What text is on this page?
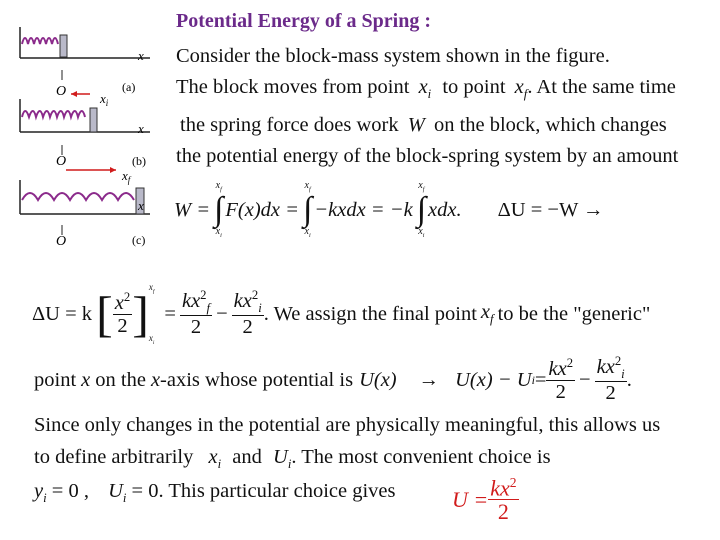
Potential Energy of a Spring :
x
O	(a)
$x_i$
x
O	(b)
$x_f$
x
O	(c)
Consider the block-mass system shown in the figure.
The block moves from point $x_i$ to point $x_f$. At the same time
the spring force does work W on the block, which changes
the potential energy of the block-spring system by an amount
W =
$x_f$
∫
$x_i$
F(x)dx =
$x_f$
∫
$x_i$
−kxdx = −k
$x_f$
∫
$x_i$
xdx. ΔU = −W →
ΔU = k [ $\frac{x^2}{2}$ ] $x_f$
$x_i$
= $\frac{kx^2_f}{2} - \frac{kx^2_i}{2}$ . We assign the final point $x_f$ to be the "generic"
point x on the x -axis whose potential is U(x) → U(x) − U $i = \frac{kx^2}{2} - \frac{kx^2_i}{2}$ .
Since only changes in the potential are physically meaningful, this allows us
to define arbitrarily $x_i$ and $U_i$. The most convenient choice is
$y_i = 0$ , $U_i = 0$. This particular choice gives	$U = \frac{kx^2}{2}$
